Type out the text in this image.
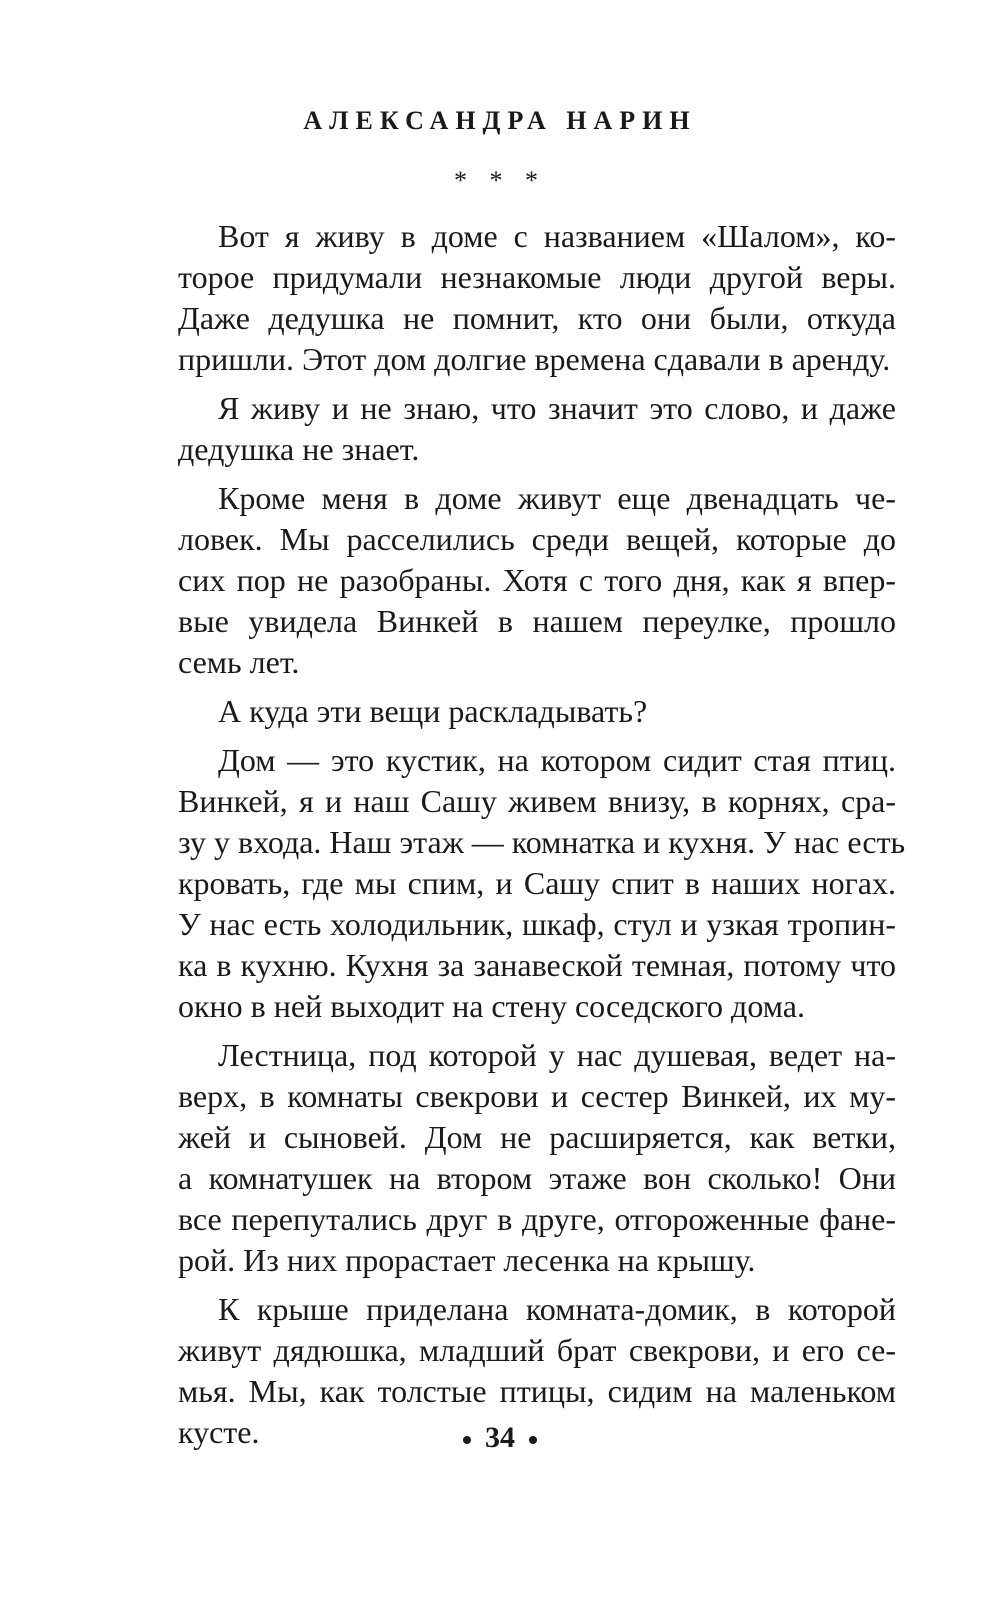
АЛЕКСАНДРА НАРИН
* * *
Вот я живу в доме с названием «Шалом», ко-
торое придумали незнакомые люди другой веры.
Даже дедушка не помнит, кто они были, откуда
пришли. Этот дом долгие времена сдавали в аренду.
Я живу и не знаю, что значит это слово, и даже
дедушка не знает.
Кроме меня в доме живут еще двенадцать че-
ловек. Мы расселились среди вещей, которые до
сих пор не разобраны. Хотя с того дня, как я впер-
вые увидела Винкей в нашем переулке, прошло
семь лет.
А куда эти вещи раскладывать?
Дом — это кустик, на котором сидит стая птиц.
Винкей, я и наш Сашу живем внизу, в корнях, сра-
зу у входа. Наш этаж — комнатка и кухня. У нас есть
кровать, где мы спим, и Сашу спит в наших ногах.
У нас есть холодильник, шкаф, стул и узкая тропин-
ка в кухню. Кухня за занавеской темная, потому что
окно в ней выходит на стену соседского дома.
Лестница, под которой у нас душевая, ведет на-
верх, в комнаты свекрови и сестер Винкей, их му-
жей и сыновей. Дом не расширяется, как ветки,
а комнатушек на втором этаже вон сколько! Они
все перепутались друг в друге, отгороженные фане-
рой. Из них прорастает лесенка на крышу.
К крыше приделана комната-домик, в которой
живут дядюшка, младший брат свекрови, и его се-
мья. Мы, как толстые птицы, сидим на маленьком
кусте.	34
